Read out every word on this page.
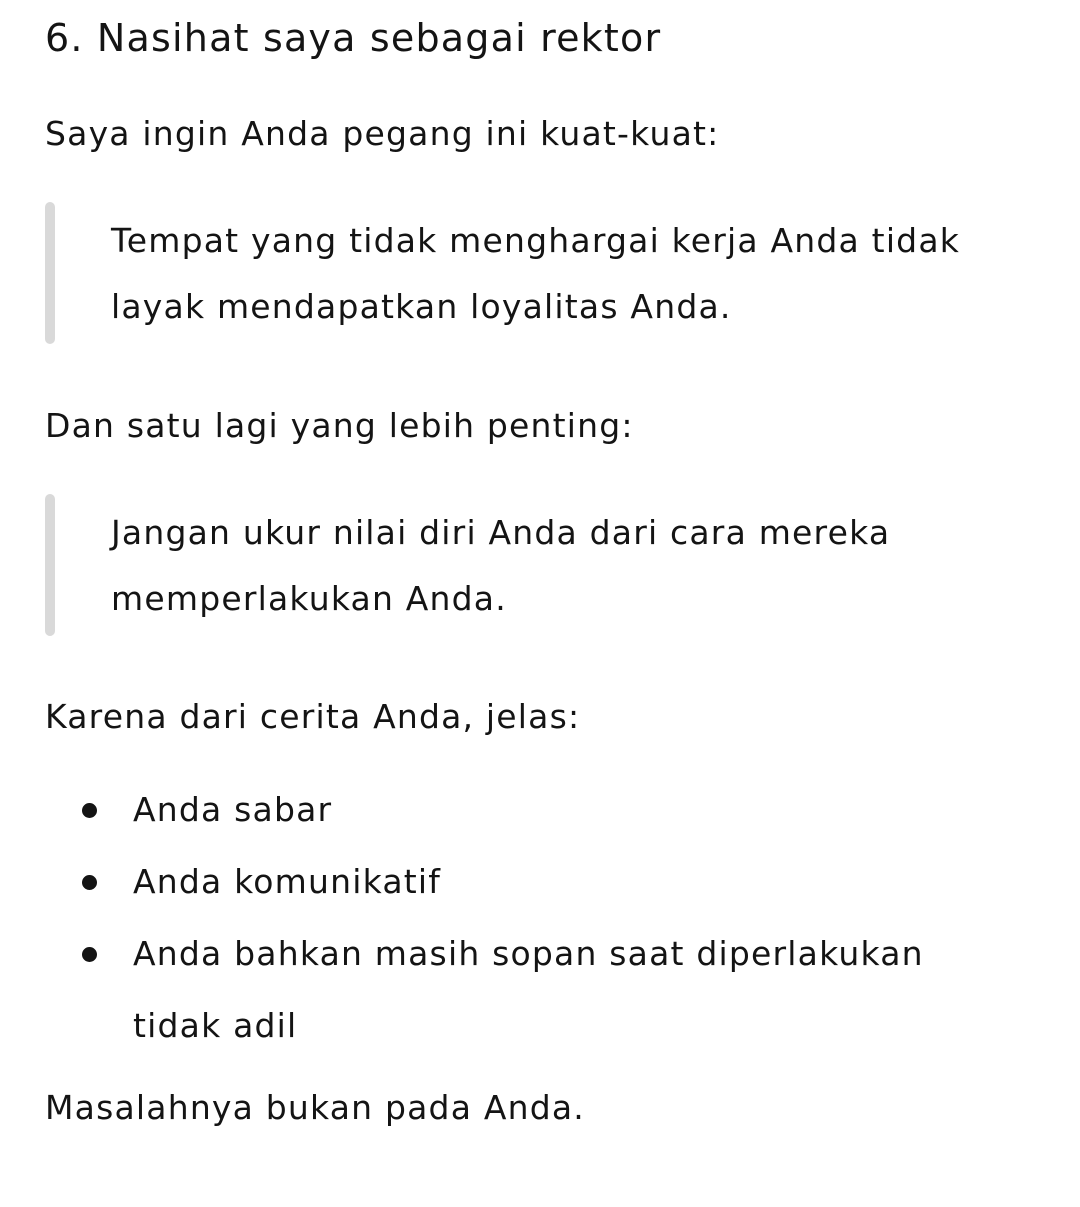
6. Nasihat saya sebagai rektor

Saya ingin Anda pegang ini kuat-kuat:

Tempat yang tidak menghargai kerja Anda tidak
layak mendapatkan loyalitas Anda.

Dan satu lagi yang lebih penting:

Jangan ukur nilai diri Anda dari cara mereka
memperlakukan Anda.

Karena dari cerita Anda, jelas:

Anda sabar
Anda komunikatif
Anda bahkan masih sopan saat diperlakukan
tidak adil

Masalahnya bukan pada Anda.
